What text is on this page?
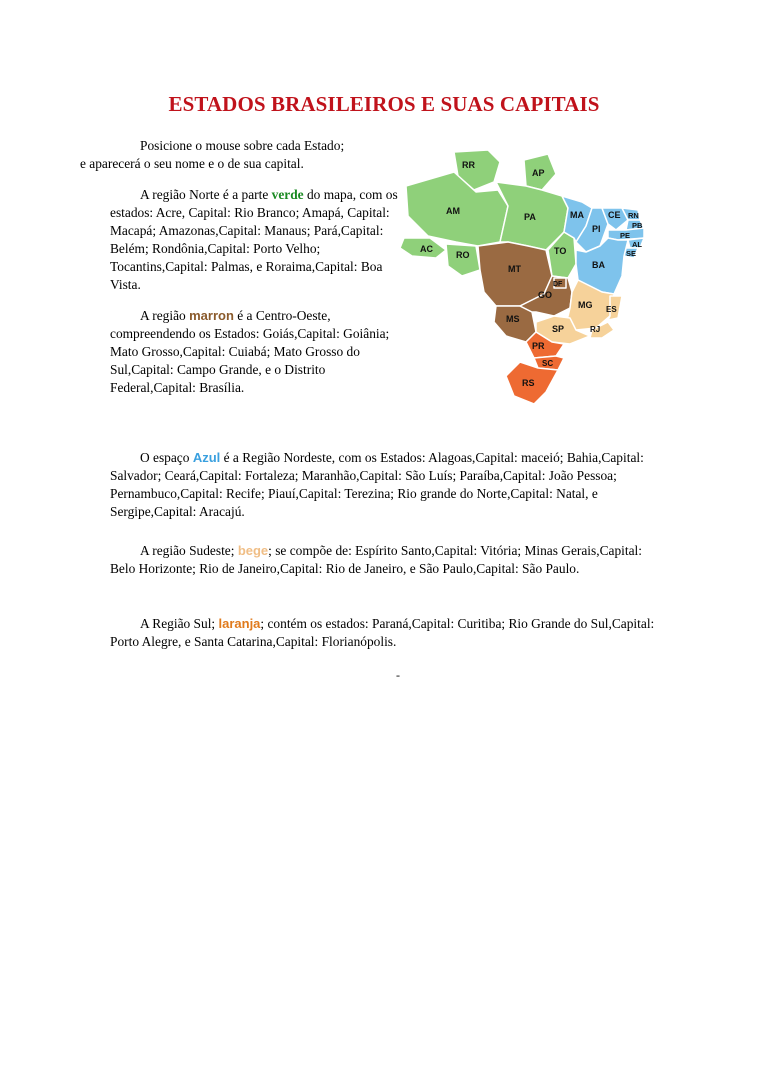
ESTADOS BRASILEIROS E SUAS CAPITAIS

Posicione o mouse sobre cada Estado;
e aparecerá o seu nome e o de sua capital.

A região Norte é a parte verde do mapa, com os estados: Acre, Capital: Rio Branco; Amapá, Capital: Macapá; Amazonas,Capital: Manaus; Pará,Capital: Belém; Rondônia,Capital: Porto Velho; Tocantins,Capital: Palmas, e Roraima,Capital: Boa Vista.

A região marron é a Centro-Oeste, compreendendo os Estados: Goiás,Capital: Goiânia; Mato Grosso,Capital: Cuiabá; Mato Grosso do Sul,Capital: Campo Grande, e o Distrito Federal,Capital: Brasília.

RR
AP
AM
PA
AC
RO	TO
MT
MS
GO
DF
MA
PI
CE RN
PB
PE
AL
SE
BA
MG ES
RJ
SP
PR
SC
RS

O espaço Azul é a Região Nordeste, com os Estados: Alagoas,Capital: maceió; Bahia,Capital: Salvador; Ceará,Capital: Fortaleza; Maranhão,Capital: São Luís; Paraíba,Capital: João Pessoa; Pernambuco,Capital: Recife; Piauí,Capital: Terezina; Rio grande do Norte,Capital: Natal, e Sergipe,Capital: Aracajú.

A região Sudeste; bege; se compõe de: Espírito Santo,Capital: Vitória; Minas Gerais,Capital: Belo Horizonte; Rio de Janeiro,Capital: Rio de Janeiro, e São Paulo,Capital: São Paulo.

A Região Sul; laranja; contém os estados: Paraná,Capital: Curitiba; Rio Grande do Sul,Capital: Porto Alegre, e Santa Catarina,Capital: Florianópolis.

-
